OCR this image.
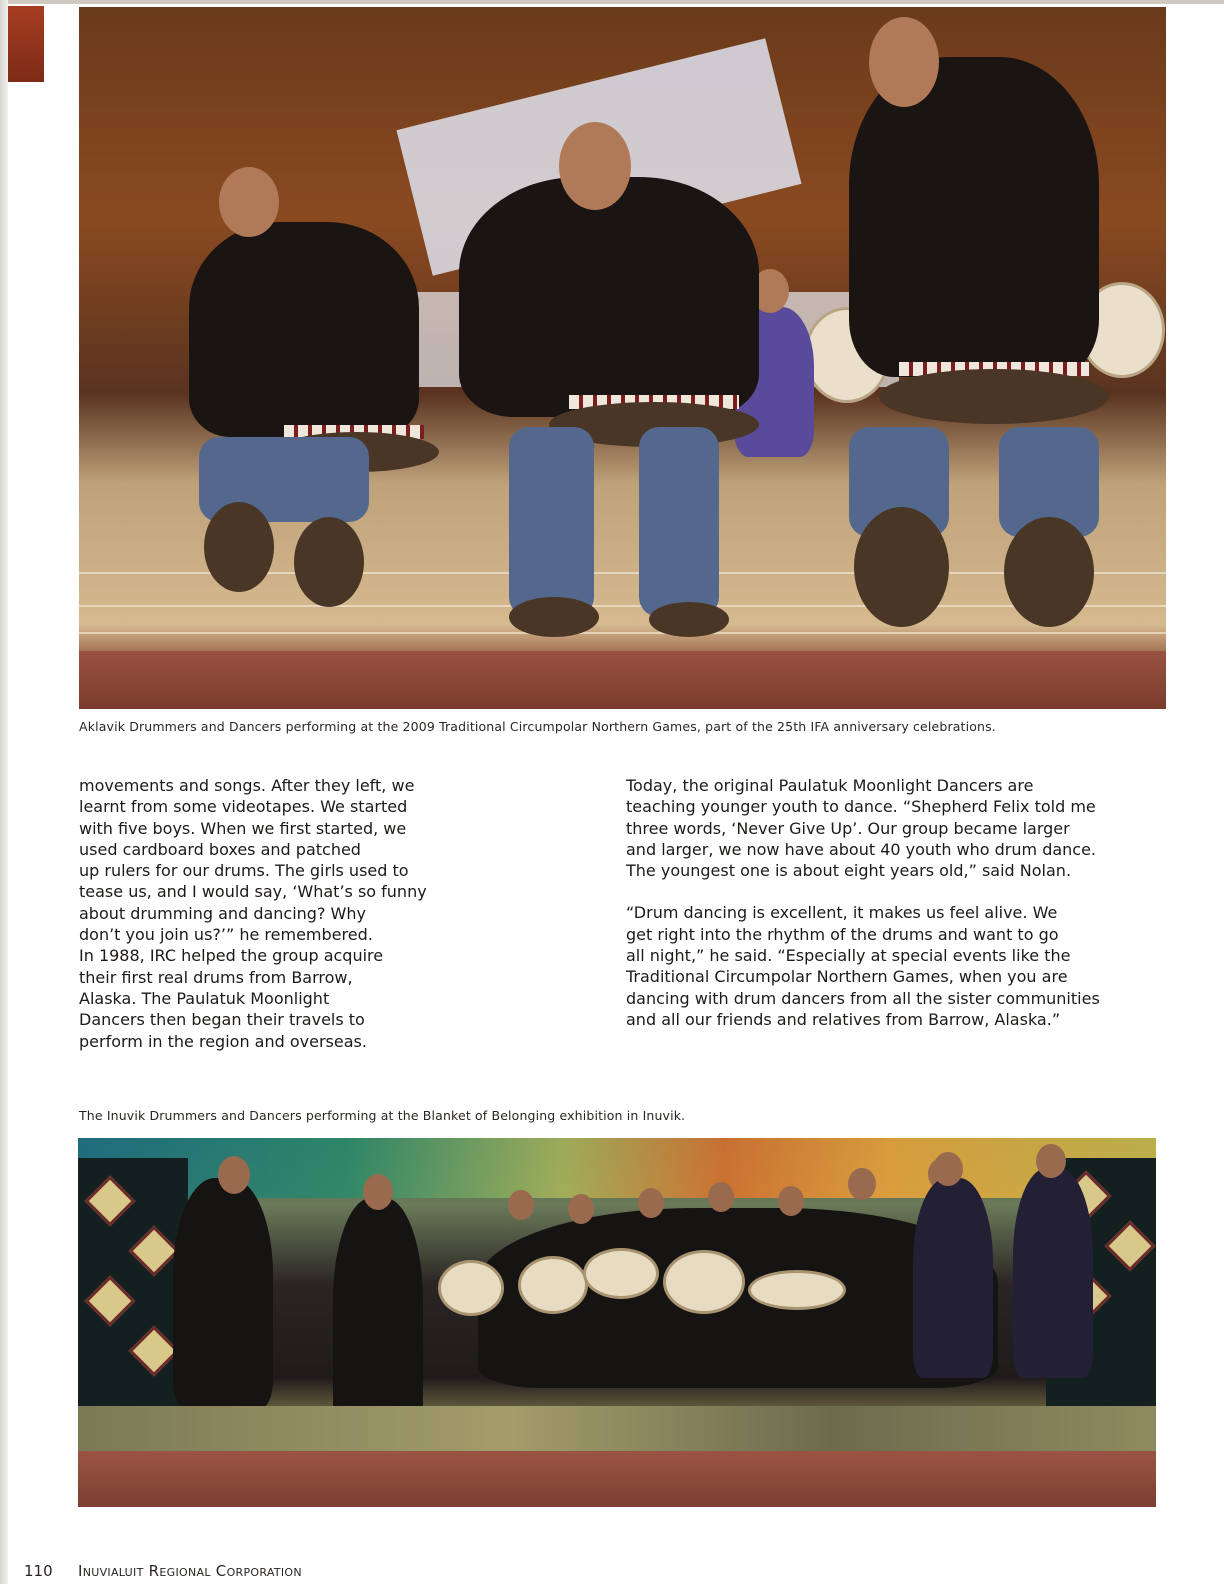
Aklavik Drummers and Dancers performing at the 2009 Traditional Circumpolar Northern Games, part of the 25th IFA anniversary celebrations.
movements and songs. After they left, we
learnt from some videotapes. We started
with five boys. When we first started, we
used cardboard boxes and patched
up rulers for our drums. The girls used to
tease us, and I would say, ‘What’s so funny
about drumming and dancing? Why
don’t you join us?’” he remembered.
In 1988, IRC helped the group acquire
their first real drums from Barrow,
Alaska. The Paulatuk Moonlight
Dancers then began their travels to
perform in the region and overseas.
Today, the original Paulatuk Moonlight Dancers are
teaching younger youth to dance. “Shepherd Felix told me
three words, ‘Never Give Up’. Our group became larger
and larger, we now have about 40 youth who drum dance.
The youngest one is about eight years old,” said Nolan.
“Drum dancing is excellent, it makes us feel alive. We
get right into the rhythm of the drums and want to go
all night,” he said. “Especially at special events like the
Traditional Circumpolar Northern Games, when you are
dancing with drum dancers from all the sister communities
and all our friends and relatives from Barrow, Alaska.”
The Inuvik Drummers and Dancers performing at the Blanket of Belonging exhibition in Inuvik.
110 Inuvialuit Regional Corporation
